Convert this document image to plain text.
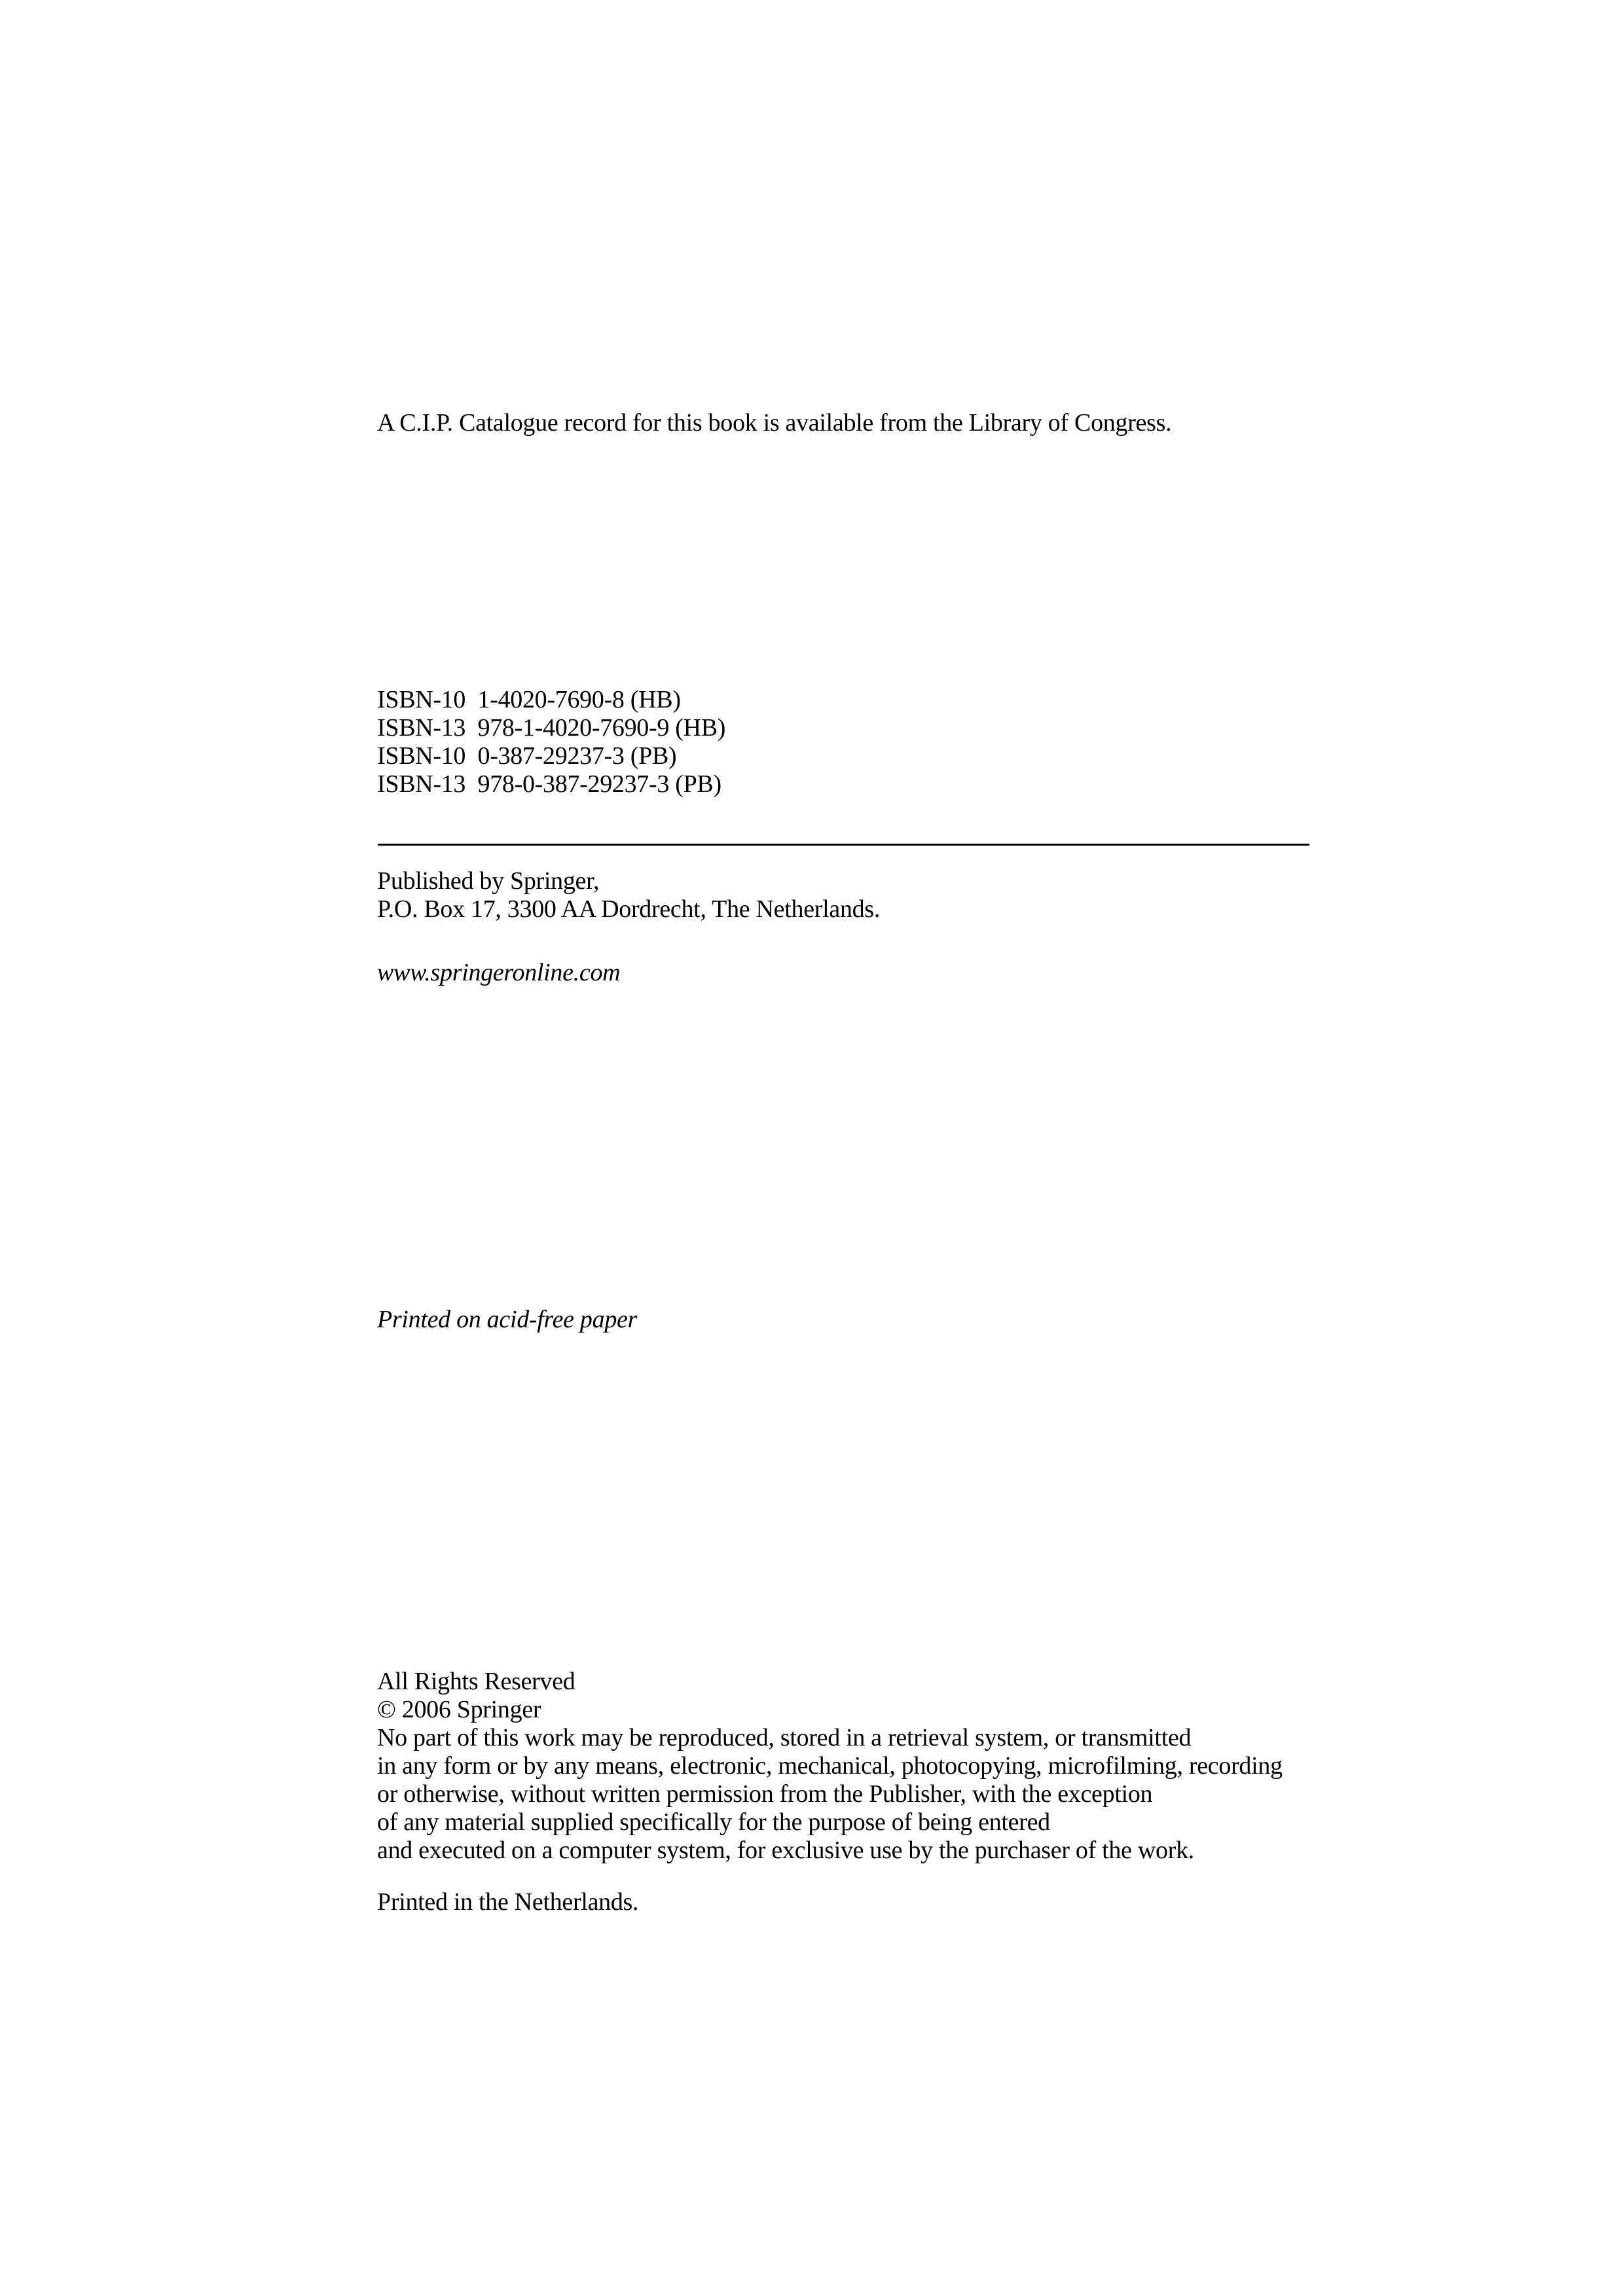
A C.I.P. Catalogue record for this book is available from the Library of Congress.

ISBN-10  1-4020-7690-8 (HB)

ISBN-13  978-1-4020-7690-9 (HB)

ISBN-10  0-387-29237-3 (PB)

ISBN-13  978-0-387-29237-3 (PB)

Published by Springer,

P.O. Box 17, 3300 AA Dordrecht, The Netherlands.

www.springeronline.com

Printed on acid-free paper

All Rights Reserved

© 2006 Springer

No part of this work may be reproduced, stored in a retrieval system, or transmitted

in any form or by any means, electronic, mechanical, photocopying, microfilming, recording

or otherwise, without written permission from the Publisher, with the exception

of any material supplied specifically for the purpose of being entered

and executed on a computer system, for exclusive use by the purchaser of the work.

Printed in the Netherlands.
